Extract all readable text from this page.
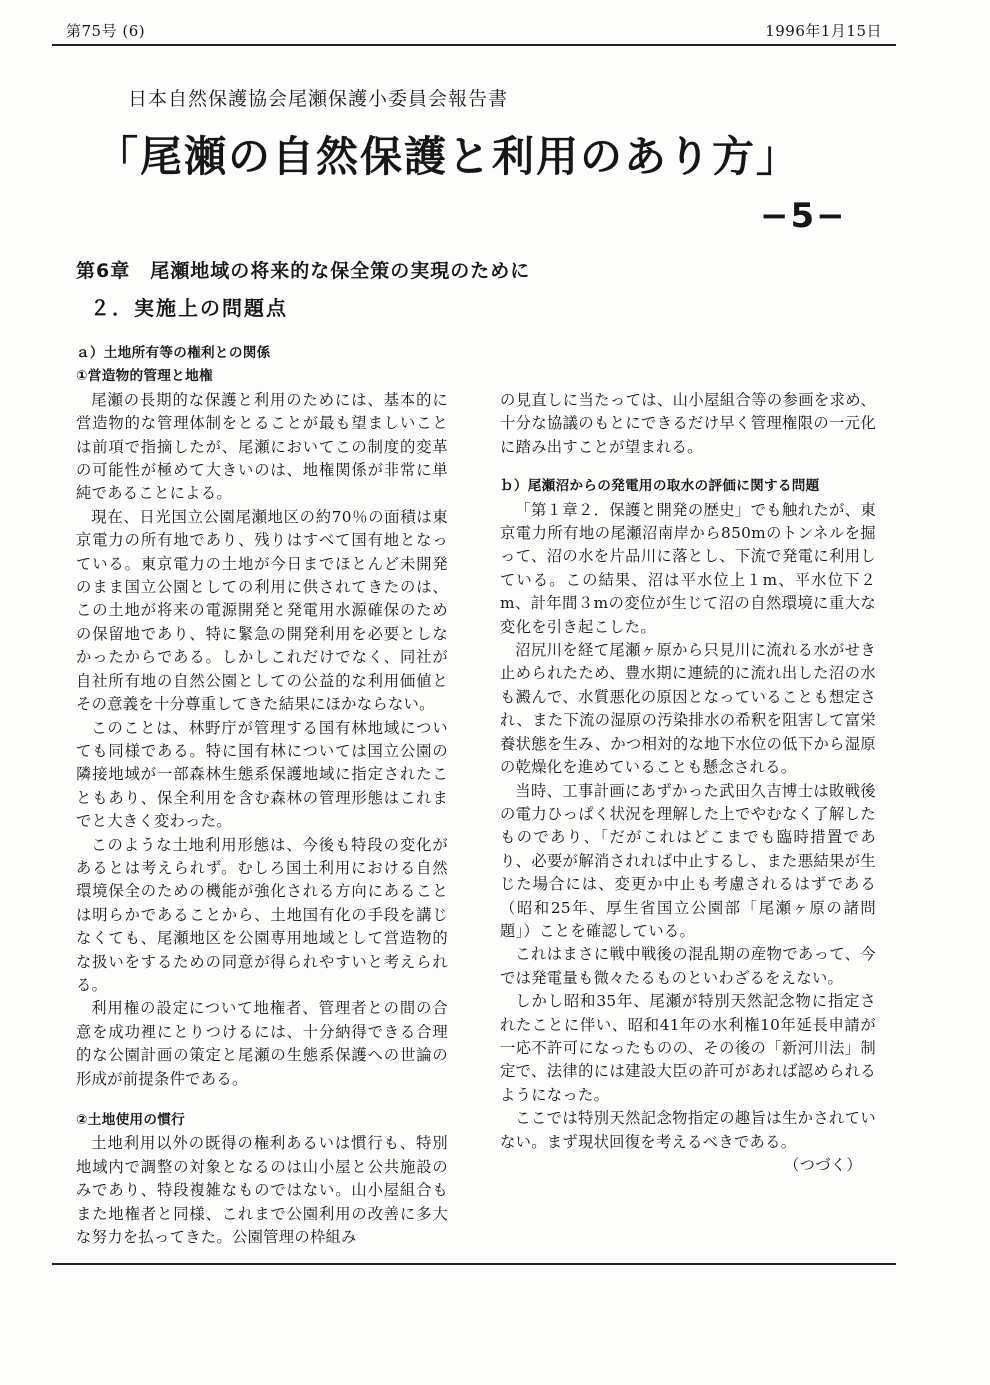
第75号 (6)	1996年1月15日
日本自然保護協会尾瀬保護小委員会報告書
「尾瀬の自然保護と利用のあり方」
−5−
第6章　尾瀬地域の将来的な保全策の実現のために
２．実施上の問題点

ａ）土地所有等の権利との関係

①営造物的管理と地権

尾瀬の長期的な保護と利用のためには、基本的に営造物的な管理体制をとることが最も望ましいことは前項で指摘したが、尾瀬においてこの制度的変革の可能性が極めて大きいのは、地権関係が非常に単純であることによる。

現在、日光国立公園尾瀬地区の約70％の面積は東京電力の所有地であり、残りはすべて国有地となっている。東京電力の土地が今日までほとんど未開発のまま国立公園としての利用に供されてきたのは、この土地が将来の電源開発と発電用水源確保のための保留地であり、特に緊急の開発利用を必要としなかったからである。しかしこれだけでなく、同社が自社所有地の自然公園としての公益的な利用価値とその意義を十分尊重してきた結果にほかならない。

このことは、林野庁が管理する国有林地域についても同様である。特に国有林については国立公園の隣接地域が一部森林生態系保護地域に指定されたこともあり、保全利用を含む森林の管理形態はこれまでと大きく変わった。

このような土地利用形態は、今後も特段の変化があるとは考えられず。むしろ国土利用における自然環境保全のための機能が強化される方向にあることは明らかであることから、土地国有化の手段を講じなくても、尾瀬地区を公園専用地域として営造物的な扱いをするための同意が得られやすいと考えられる。

利用権の設定について地権者、管理者との間の合意を成功裡にとりつけるには、十分納得できる合理的な公園計画の策定と尾瀬の生態系保護への世論の形成が前提条件である。

②土地使用の慣行

土地利用以外の既得の権利あるいは慣行も、特別地域内で調整の対象となるのは山小屋と公共施設のみであり、特段複雑なものではない。山小屋組合もまた地権者と同様、これまで公園利用の改善に多大な努力を払ってきた。公園管理の枠組み

の見直しに当たっては、山小屋組合等の参画を求め、十分な協議のもとにできるだけ早く管理権限の一元化に踏み出すことが望まれる。

ｂ）尾瀬沼からの発電用の取水の評価に関する問題

「第１章２．保護と開発の歴史」でも触れたが、東京電力所有地の尾瀬沼南岸から850mのトンネルを掘って、沼の水を片品川に落とし、下流で発電に利用している。この結果、沼は平水位上１m、平水位下２m、計年間３mの変位が生じて沼の自然環境に重大な変化を引き起こした。

沼尻川を経て尾瀬ヶ原から只見川に流れる水がせき止められたため、豊水期に連続的に流れ出した沼の水も澱んで、水質悪化の原因となっていることも想定され、また下流の湿原の汚染排水の希釈を阻害して富栄養状態を生み、かつ相対的な地下水位の低下から湿原の乾燥化を進めていることも懸念される。

当時、工事計画にあずかった武田久吉博士は敗戦後の電力ひっぱく状況を理解した上でやむなく了解したものであり、「だがこれはどこまでも臨時措置であり、必要が解消されれば中止するし、また悪結果が生じた場合には、変更か中止も考慮されるはずである（昭和25年、厚生省国立公園部「尾瀬ヶ原の諸問題」）ことを確認している。

これはまさに戦中戦後の混乱期の産物であって、今では発電量も微々たるものといわざるをえない。

しかし昭和35年、尾瀬が特別天然記念物に指定されたことに伴い、昭和41年の水利権10年延長申請が一応不許可になったものの、その後の「新河川法」制定で、法律的には建設大臣の許可があれば認められるようになった。

ここでは特別天然記念物指定の趣旨は生かされていない。まず現状回復を考えるべきである。

（つづく）
